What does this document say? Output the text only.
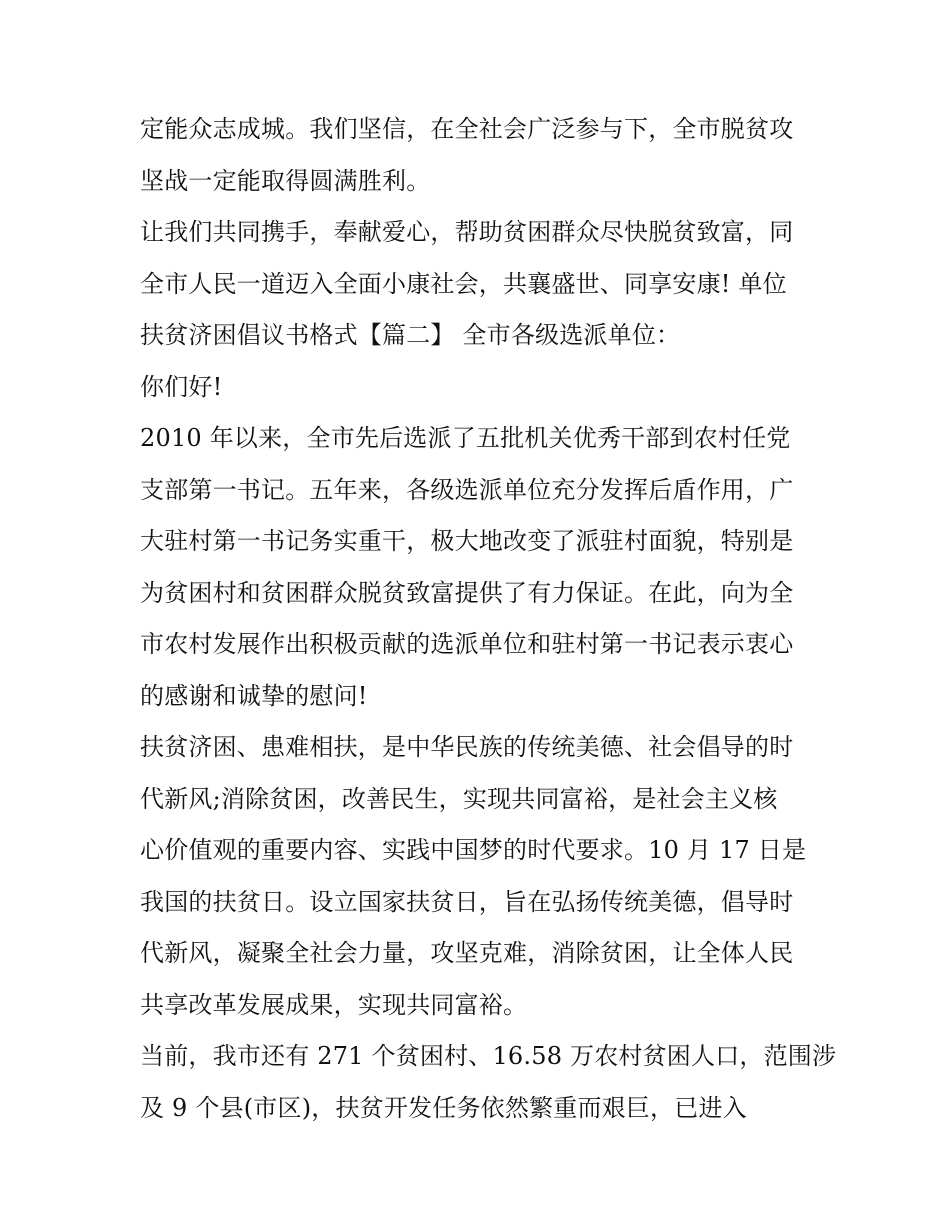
定能众志成城。我们坚信，在全社会广泛参与下，全市脱贫攻
坚战一定能取得圆满胜利。
让我们共同携手，奉献爱心，帮助贫困群众尽快脱贫致富，同
全市人民一道迈入全面小康社会，共襄盛世、同享安康! 单位
扶贫济困倡议书格式【篇二】 全市各级选派单位：
你们好!
2010 年以来，全市先后选派了五批机关优秀干部到农村任党
支部第一书记。五年来，各级选派单位充分发挥后盾作用，广
大驻村第一书记务实重干，极大地改变了派驻村面貌，特别是
为贫困村和贫困群众脱贫致富提供了有力保证。在此，向为全
市农村发展作出积极贡献的选派单位和驻村第一书记表示衷心
的感谢和诚挚的慰问!
扶贫济困、患难相扶，是中华民族的传统美德、社会倡导的时
代新风;消除贫困，改善民生，实现共同富裕，是社会主义核
心价值观的重要内容、实践中国梦的时代要求。10 月 17 日是
我国的扶贫日。设立国家扶贫日，旨在弘扬传统美德，倡导时
代新风，凝聚全社会力量，攻坚克难，消除贫困，让全体人民
共享改革发展成果，实现共同富裕。
当前，我市还有 271 个贫困村、16.58 万农村贫困人口，范围涉
及 9 个县(市区)，扶贫开发任务依然繁重而艰巨，已进入
